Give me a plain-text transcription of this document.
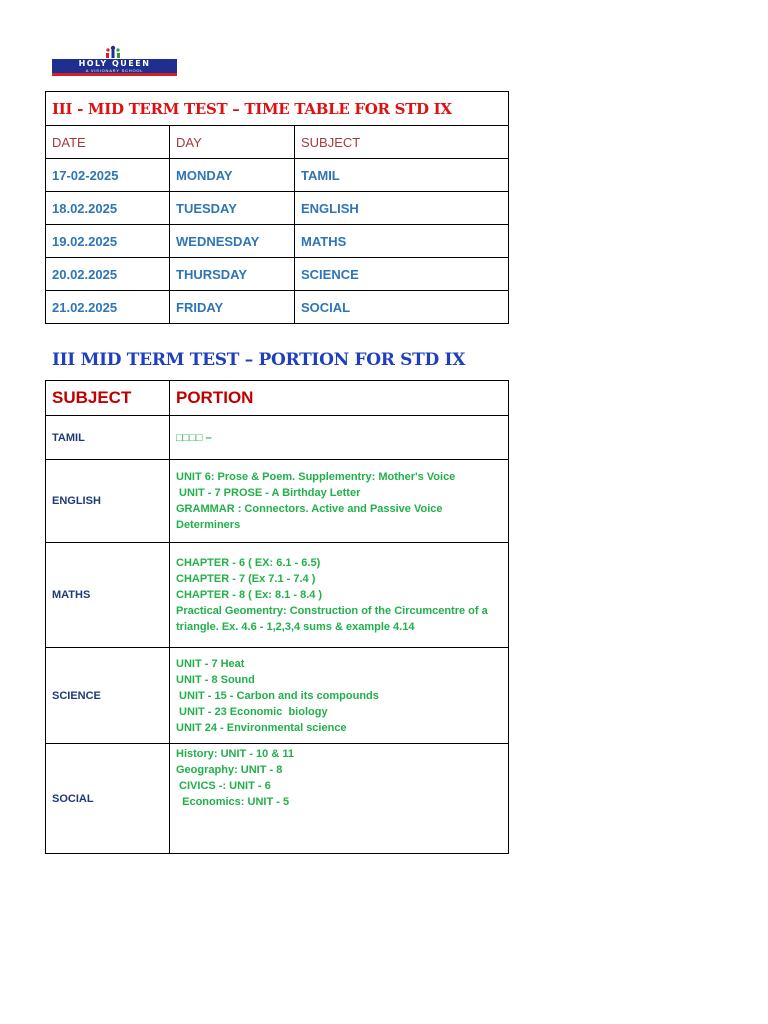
HOLY QUEEN
A VISIONARY SCHOOL
III - MID TERM TEST – TIME TABLE FOR STD IX		
DATE	DAY	SUBJECT
17-02-2025	MONDAY	TAMIL
18.02.2025	TUESDAY	ENGLISH
19.02.2025	WEDNESDAY	MATHS
20.02.2025	THURSDAY	SCIENCE
21.02.2025	FRIDAY	SOCIAL
III MID TERM TEST – PORTION FOR STD IX
SUBJECT	PORTION
TAMIL	□□□□ –

ENGLISH	UNIT 6: Prose & Poem. Supplementry: Mother's Voice
UNIT - 7 PROSE - A Birthday Letter
GRAMMAR : Connectors. Active and Passive Voice
Determiners

MATHS	CHAPTER - 6 ( EX: 6.1 - 6.5)
CHAPTER - 7 (Ex 7.1 - 7.4 )
CHAPTER - 8 ( Ex: 8.1 - 8.4 )
Practical Geomentry: Construction of the Circumcentre of a
triangle. Ex. 4.6 - 1,2,3,4 sums & example 4.14

SCIENCE	UNIT - 7 Heat
UNIT - 8 Sound
UNIT - 15 - Carbon and its compounds
UNIT - 23 Economic  biology
UNIT 24 - Environmental science

SOCIAL	History: UNIT - 10 & 11
Geography: UNIT - 8
CIVICS -: UNIT - 6
Economics: UNIT - 5
